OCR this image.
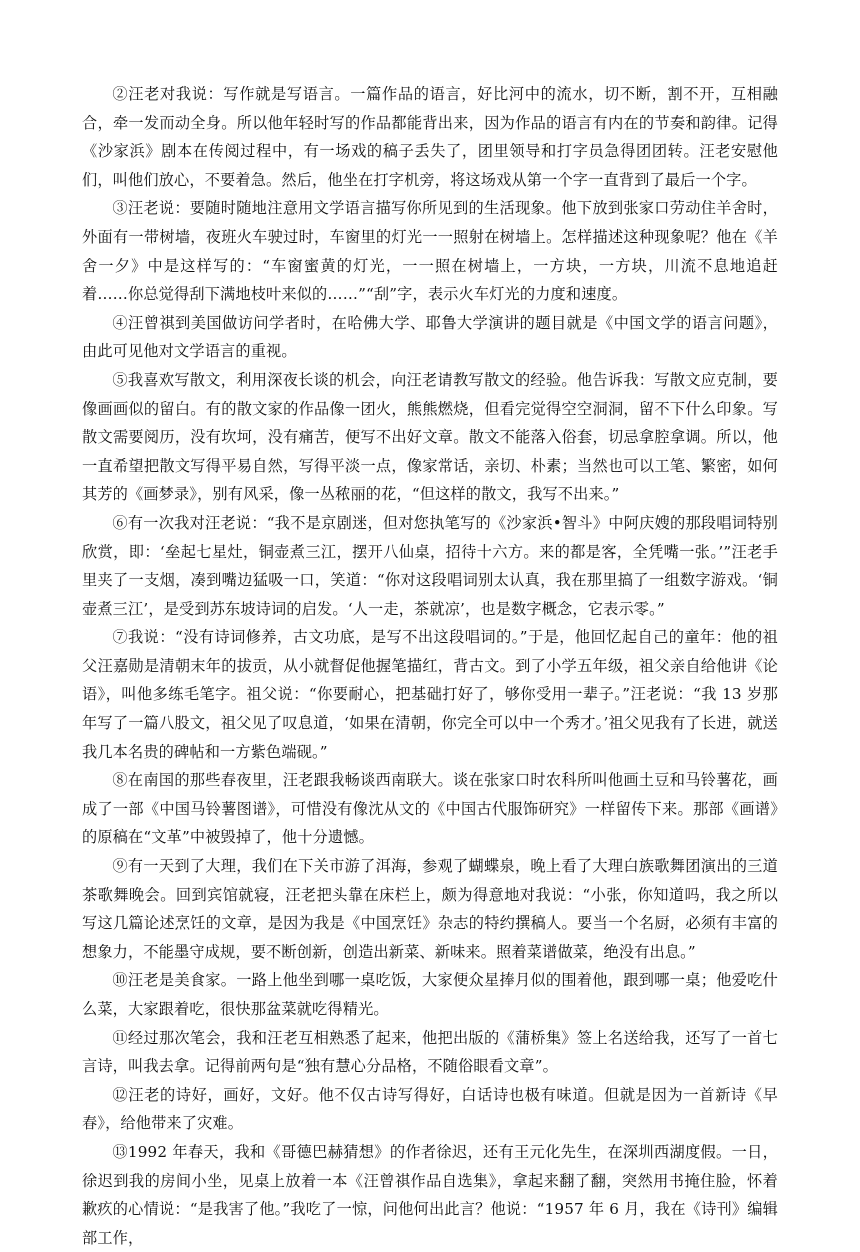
②汪老对我说：写作就是写语言。一篇作品的语言，好比河中的流水，切不断，割不开，互相融合，牵一发而动全身。所以他年轻时写的作品都能背出来，因为作品的语言有内在的节奏和韵律。记得《沙家浜》剧本在传阅过程中，有一场戏的稿子丢失了，团里领导和打字员急得团团转。汪老安慰他们，叫他们放心，不要着急。然后，他坐在打字机旁，将这场戏从第一个字一直背到了最后一个字。

③汪老说：要随时随地注意用文学语言描写你所见到的生活现象。他下放到张家口劳动住羊舍时，外面有一带树墙，夜班火车驶过时，车窗里的灯光一一照射在树墙上。怎样描述这种现象呢？他在《羊舍一夕》中是这样写的：“车窗蜜黄的灯光，一一照在树墙上，一方块，一方块，川流不息地追赶着……你总觉得刮下满地枝叶来似的……”“刮”字，表示火车灯光的力度和速度。

④汪曾祺到美国做访问学者时，在哈佛大学、耶鲁大学演讲的题目就是《中国文学的语言问题》，由此可见他对文学语言的重视。

⑤我喜欢写散文，利用深夜长谈的机会，向汪老请教写散文的经验。他告诉我：写散文应克制，要像画画似的留白。有的散文家的作品像一团火，熊熊燃烧，但看完觉得空空洞洞，留不下什么印象。写散文需要阅历，没有坎坷，没有痛苦，便写不出好文章。散文不能落入俗套，切忌拿腔拿调。所以，他一直希望把散文写得平易自然，写得平淡一点，像家常话，亲切、朴素；当然也可以工笔、繁密，如何其芳的《画梦录》，别有风采，像一丛秾丽的花，“但这样的散文，我写不出来。”

⑥有一次我对汪老说：“我不是京剧迷，但对您执笔写的《沙家浜•智斗》中阿庆嫂的那段唱词特别欣赏，即：‘垒起七星灶，铜壶煮三江，摆开八仙桌，招待十六方。来的都是客，全凭嘴一张。’”汪老手里夹了一支烟，凑到嘴边猛吸一口，笑道：“你对这段唱词别太认真，我在那里搞了一组数字游戏。‘铜壶煮三江’，是受到苏东坡诗词的启发。‘人一走，茶就凉’，也是数字概念，它表示零。”

⑦我说：“没有诗词修养，古文功底，是写不出这段唱词的。”于是，他回忆起自己的童年：他的祖父汪嘉勋是清朝末年的拔贡，从小就督促他握笔描红，背古文。到了小学五年级，祖父亲自给他讲《论语》，叫他多练毛笔字。祖父说：“你要耐心，把基础打好了，够你受用一辈子。”汪老说：“我 13 岁那年写了一篇八股文，祖父见了叹息道，‘如果在清朝，你完全可以中一个秀才。’祖父见我有了长进，就送我几本名贵的碑帖和一方紫色端砚。”

⑧在南国的那些春夜里，汪老跟我畅谈西南联大。谈在张家口时农科所叫他画土豆和马铃薯花，画成了一部《中国马铃薯图谱》，可惜没有像沈从文的《中国古代服饰研究》一样留传下来。那部《画谱》的原稿在“文革”中被毁掉了，他十分遗憾。

⑨有一天到了大理，我们在下关市游了洱海，参观了蝴蝶泉，晚上看了大理白族歌舞团演出的三道茶歌舞晚会。回到宾馆就寝，汪老把头靠在床栏上，颇为得意地对我说：“小张，你知道吗，我之所以写这几篇论述烹饪的文章，是因为我是《中国烹饪》杂志的特约撰稿人。要当一个名厨，必须有丰富的想象力，不能墨守成规，要不断创新，创造出新菜、新味来。照着菜谱做菜，绝没有出息。”

⑩汪老是美食家。一路上他坐到哪一桌吃饭，大家便众星捧月似的围着他，跟到哪一桌；他爱吃什么菜，大家跟着吃，很快那盆菜就吃得精光。

⑪经过那次笔会，我和汪老互相熟悉了起来，他把出版的《蒲桥集》签上名送给我，还写了一首七言诗，叫我去拿。记得前两句是“独有慧心分品格，不随俗眼看文章”。

⑫汪老的诗好，画好，文好。他不仅古诗写得好，白话诗也极有味道。但就是因为一首新诗《早春》，给他带来了灾难。

⑬1992 年春天，我和《哥德巴赫猜想》的作者徐迟，还有王元化先生，在深圳西湖度假。一日，徐迟到我的房间小坐，见桌上放着一本《汪曾祺作品自选集》，拿起来翻了翻，突然用书掩住脸，怀着歉疚的心情说：“是我害了他。”我吃了一惊，问他何出此言？他说：“1957 年 6 月，我在《诗刊》编辑部工作，
